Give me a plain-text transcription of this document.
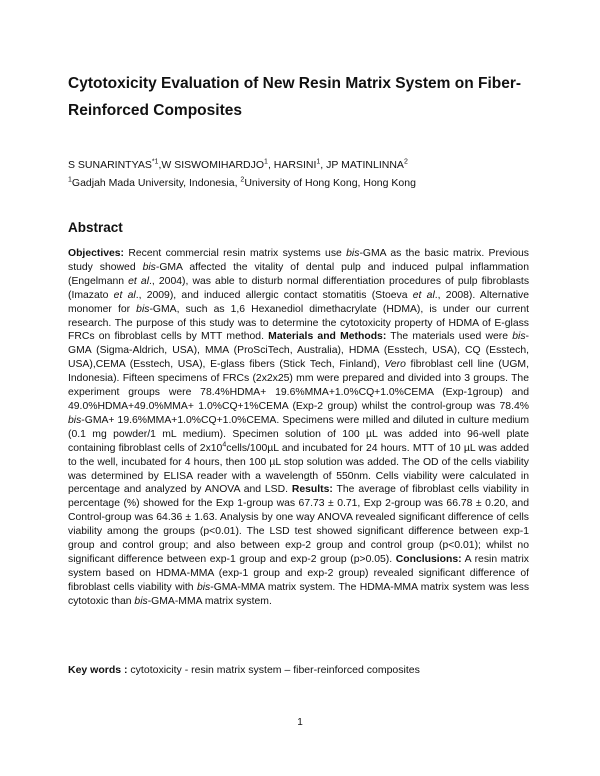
Cytotoxicity Evaluation of New Resin Matrix System on Fiber-Reinforced Composites
S SUNARINTYAS$^{*1}$,W SISWOMIHARDJO$^1$, HARSINI$^1$, JP MATINLINNA$^2$
$^1$Gadjah Mada University, Indonesia, $^2$University of Hong Kong, Hong Kong
Abstract

Objectives: Recent commercial resin matrix systems use bis-GMA as the basic matrix. Previous study showed bis-GMA affected the vitality of dental pulp and induced pulpal inflammation (Engelmann et al., 2004), was able to disturb normal differentiation procedures of pulp fibroblasts (Imazato et al., 2009), and induced allergic contact stomatitis (Stoeva et al., 2008). Alternative monomer for bis-GMA, such as 1,6 Hexanediol dimethacrylate (HDMA), is under our current research. The purpose of this study was to determine the cytotoxicity property of HDMA of E-glass FRCs on fibroblast cells by MTT method. Materials and Methods: The materials used were bis-GMA (Sigma-Aldrich, USA), MMA (ProSciTech, Australia), HDMA (Esstech, USA), CQ (Esstech, USA),CEMA (Esstech, USA), E-glass fibers (Stick Tech, Finland), Vero fibroblast cell line (UGM, Indonesia). Fifteen specimens of FRCs (2x2x25) mm were prepared and divided into 3 groups. The experiment groups were 78.4%HDMA+ 19.6%MMA+1.0%CQ+1.0%CEMA (Exp-1group) and 49.0%HDMA+49.0%MMA+ 1.0%CQ+1%CEMA (Exp-2 group) whilst the control-group was 78.4% bis-GMA+ 19.6%MMA+1.0%CQ+1.0%CEMA. Specimens were milled and diluted in culture medium (0.1 mg powder/1 mL medium). Specimen solution of 100 µL was added into 96-well plate containing fibroblast cells of $2x10^4cells/100\mu L$ and incubated for 24 hours. MTT of 10 µL was added to the well, incubated for 4 hours, then 100 µL stop solution was added. The OD of the cells viability was determined by ELISA reader with a wavelength of 550nm. Cells viability were calculated in percentage and analyzed by ANOVA and LSD. Results: The average of fibroblast cells viability in percentage (%) showed for the Exp 1-group was 67.73 ± 0.71, Exp 2-group was 66.78 ± 0.20, and Control-group was 64.36 ± 1.63. Analysis by one way ANOVA revealed significant difference of cells viability among the groups (p<0.01). The LSD test showed significant difference between exp-1 group and control group; and also between exp-2 group and control group (p<0.01); whilst no significant difference between exp-1 group and exp-2 group (p>0.05). Conclusions: A resin matrix system based on HDMA-MMA (exp-1 group and exp-2 group) revealed significant difference of fibroblast cells viability with bis-GMA-MMA matrix system. The HDMA-MMA matrix system was less cytotoxic than bis-GMA-MMA matrix system.

Key words : cytotoxicity - resin matrix system – fiber-reinforced composites
1
